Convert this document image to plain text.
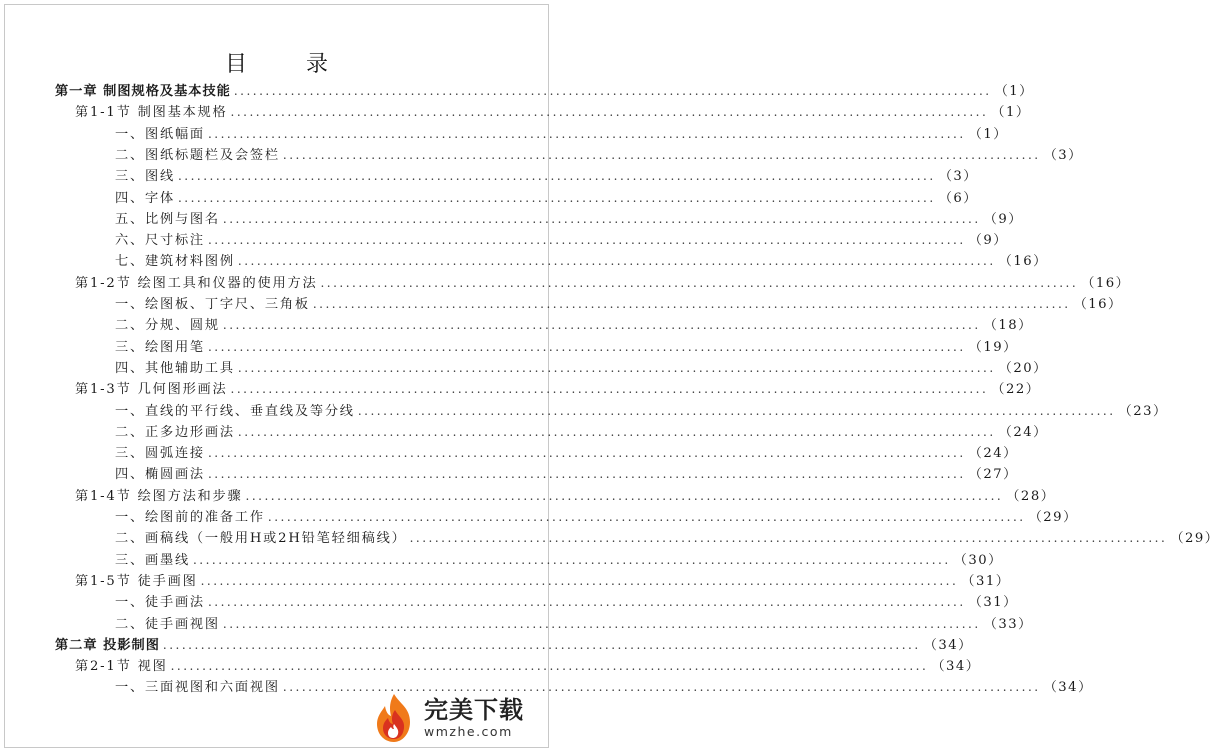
目 录
第一章 制图规格及基本技能 ........................................................................................................................ （1）
第1-1节 制图基本规格 ........................................................................................................................ （1）
一、图纸幅面 ........................................................................................................................ （1）
二、图纸标题栏及会签栏 ........................................................................................................................ （3）
三、图线 ........................................................................................................................ （3）
四、字体 ........................................................................................................................ （6）
五、比例与图名 ........................................................................................................................ （9）
六、尺寸标注 ........................................................................................................................ （9）
七、建筑材料图例 ........................................................................................................................ （16）
第1-2节 绘图工具和仪器的使用方法 ........................................................................................................................ （16）
一、绘图板、丁字尺、三角板 ........................................................................................................................ （16）
二、分规、圆规 ........................................................................................................................ （18）
三、绘图用笔 ........................................................................................................................ （19）
四、其他辅助工具 ........................................................................................................................ （20）
第1-3节 几何图形画法 ........................................................................................................................ （22）
一、直线的平行线、垂直线及等分线 ........................................................................................................................ （23）
二、正多边形画法 ........................................................................................................................ （24）
三、圆弧连接 ........................................................................................................................ （24）
四、椭圆画法 ........................................................................................................................ （27）
第1-4节 绘图方法和步骤 ........................................................................................................................ （28）
一、绘图前的准备工作 ........................................................................................................................ （29）
二、画稿线（一般用H或2H铅笔轻细稿线） ........................................................................................................................ （29）
三、画墨线 ........................................................................................................................ （30）
第1-5节 徒手画图 ........................................................................................................................ （31）
一、徒手画法 ........................................................................................................................ （31）
二、徒手画视图 ........................................................................................................................ （33）
第二章 投影制图 ........................................................................................................................ （34）
第2-1节 视图 ........................................................................................................................ （34）
一、三面视图和六面视图 ........................................................................................................................ （34）
完美下载
wmzhe.com
